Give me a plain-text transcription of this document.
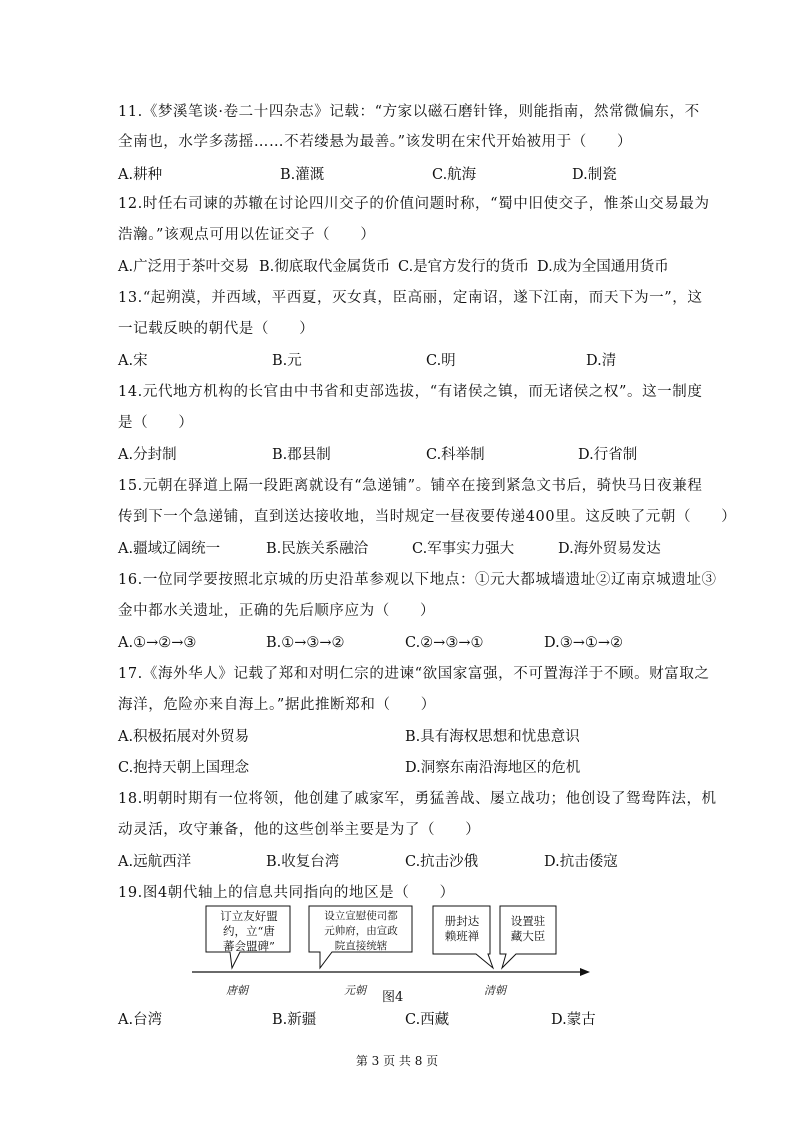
11.《梦溪笔谈·卷二十四杂志》记载：“方家以磁石磨针锋，则能指南，然常微偏东，不
全南也，水学多荡摇……不若缕悬为最善。”该发明在宋代开始被用于（　　）
A.耕种	B.灌溉	C.航海	D.制瓷
12.时任右司谏的苏辙在讨论四川交子的价值问题时称，“蜀中旧使交子，惟茶山交易最为
浩瀚。”该观点可用以佐证交子（　　）
A.广泛用于茶叶交易 B.彻底取代金属货币 C.是官方发行的货币 D.成为全国通用货币
13.“起朔漠，并西域，平西夏，灭女真，臣高丽，定南诏，遂下江南，而天下为一”，这
一记载反映的朝代是（　　）
A.宋	B.元	C.明	D.清
14.元代地方机构的长官由中书省和吏部选拔，“有诸侯之镇，而无诸侯之权”。这一制度
是（　　）
A.分封制	B.郡县制	C.科举制	D.行省制
15.元朝在驿道上隔一段距离就设有“急递铺”。铺卒在接到紧急文书后，骑快马日夜兼程
传到下一个急递铺，直到送达接收地，当时规定一昼夜要传递400里。这反映了元朝（　　）
A.疆域辽阔统一	B.民族关系融洽	C.军事实力强大	D.海外贸易发达
16.一位同学要按照北京城的历史沿革参观以下地点：①元大都城墙遗址②辽南京城遗址③
金中都水关遗址，正确的先后顺序应为（　　）
A.①→②→③	B.①→③→②	C.②→③→①	D.③→①→②
17.《海外华人》记载了郑和对明仁宗的进谏“欲国家富强，不可置海洋于不顾。财富取之
海洋，危险亦来自海上。”据此推断郑和（　　）
A.积极拓展对外贸易	B.具有海权思想和忧患意识
C.抱持天朝上国理念	D.洞察东南沿海地区的危机
18.明朝时期有一位将领，他创建了戚家军，勇猛善战、屡立战功；他创设了鸳鸯阵法，机
动灵活，攻守兼备，他的这些创举主要是为了（　　）
A.远航西洋	B.收复台湾	C.抗击沙俄	D.抗击倭寇
19.图4朝代轴上的信息共同指向的地区是（　　）
订立友好盟
约，立“唐
蕃会盟碑”
设立宣慰使司都
元帅府，由宣政
院直接统辖
册封达
赖班禅
设置驻
藏大臣
唐朝	元朝	清朝
图4
A.台湾	B.新疆	C.西藏	D.蒙古
第 3 页 共 8 页
